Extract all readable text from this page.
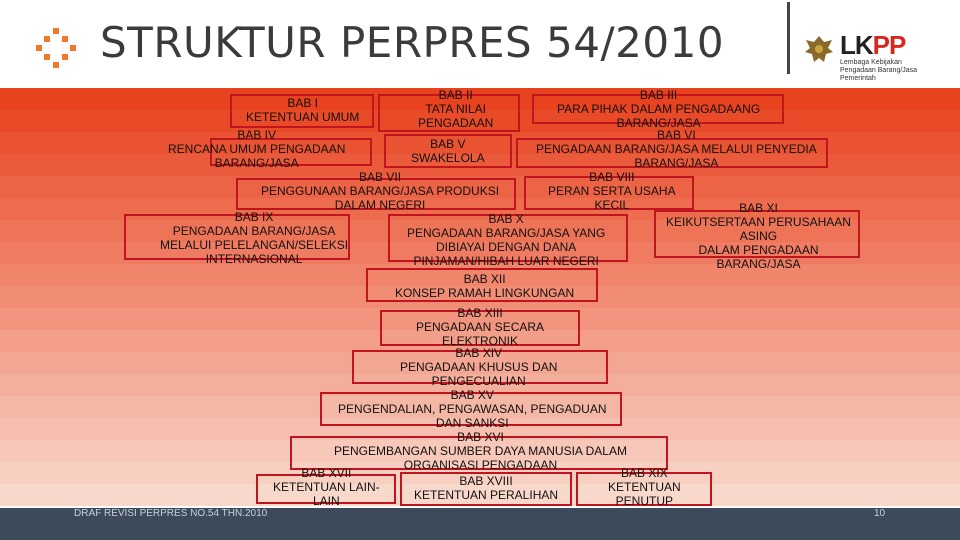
STRUKTUR PERPRES 54/2010	LKPP
Lembaga Kebijakan
Pengadaan Barang/Jasa Pemerintah
BAB I
KETENTUAN UMUM
BAB II
TATA NILAI
PENGADAAN
BAB III
PARA PIHAK DALAM PENGADAANG
BARANG/JASA
BAB IV
RENCANA UMUM PENGADAAN
BARANG/JASA
BAB V
SWAKELOLA
BAB VI
PENGADAAN BARANG/JASA MELALUI PENYEDIA
BARANG/JASA
BAB VII
PENGGUNAAN BARANG/JASA PRODUKSI
DALAM NEGERI
BAB VIII
PERAN SERTA USAHA
KECIL
BAB IX
PENGADAAN BARANG/JASA
MELALUI PELELANGAN/SELEKSI
INTERNASIONAL
BAB X
PENGADAAN BARANG/JASA YANG
DIBIAYAI DENGAN DANA
PINJAMAN/HIBAH LUAR NEGERI
BAB XI
KEIKUTSERTAAN PERUSAHAAN
ASING
DALAM PENGADAAN
BARANG/JASA
BAB XII
KONSEP RAMAH LINGKUNGAN
BAB XIII
PENGADAAN SECARA
ELEKTRONIK
BAB XIV
PENGADAAN KHUSUS DAN
PENGECUALIAN
BAB XV
PENGENDALIAN, PENGAWASAN, PENGADUAN
DAN SANKSI
BAB XVI
PENGEMBANGAN SUMBER DAYA MANUSIA DALAM
ORGANISASI PENGADAAN
BAB XVII
KETENTUAN LAIN-
LAIN
BAB XVIII
KETENTUAN PERALIHAN
BAB XIX
KETENTUAN
PENUTUP
DRAF REVISI PERPRES NO.54 THN.2010	10
